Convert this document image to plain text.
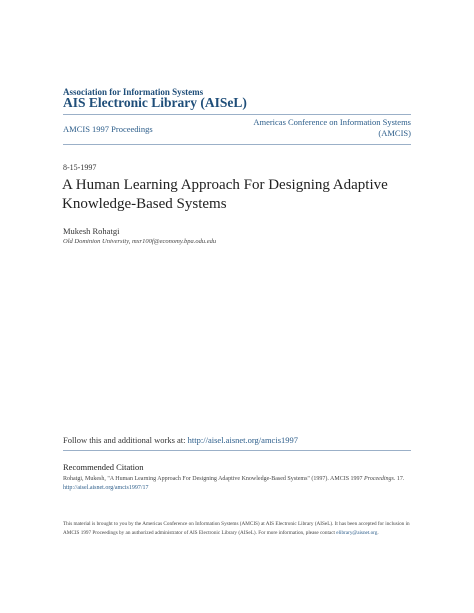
Association for Information Systems
AIS Electronic Library (AISeL)
AMCIS 1997 Proceedings
Americas Conference on Information Systems
(AMCIS)
8-15-1997
A Human Learning Approach For Designing Adaptive Knowledge-Based Systems
Mukesh Rohatgi
Old Dominion University, mxr100f@economy.bpa.odu.edu
Follow this and additional works at: http://aisel.aisnet.org/amcis1997
Recommended Citation
Rohatgi, Mukesh, "A Human Learning Approach For Designing Adaptive Knowledge-Based Systems" (1997). AMCIS 1997 Proceedings. 17.
http://aisel.aisnet.org/amcis1997/17
This material is brought to you by the Americas Conference on Information Systems (AMCIS) at AIS Electronic Library (AISeL). It has been accepted for inclusion in AMCIS 1997 Proceedings by an authorized administrator of AIS Electronic Library (AISeL). For more information, please contact elibrary@aisnet.org.
